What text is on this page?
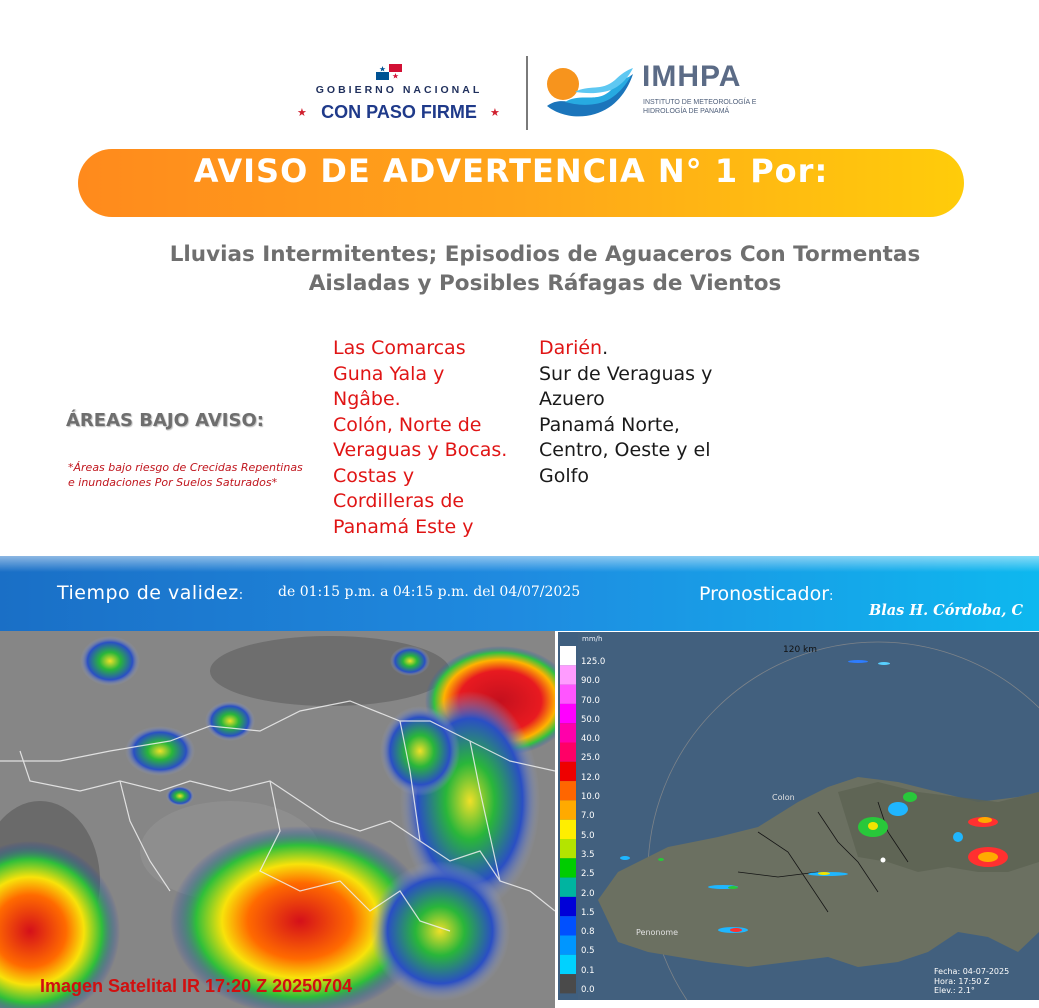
GOBIERNO NACIONAL
CON PASO FIRME
★	★
IMHPA
INSTITUTO DE METEOROLOGÍA E HIDROLOGÍA DE PANAMÁ
AVISO DE ADVERTENCIA N° 1 Por:
Lluvias Intermitentes; Episodios de Aguaceros Con Tormentas
Aisladas y Posibles Ráfagas de Vientos
ÁREAS BAJO AVISO:
*Áreas bajo riesgo de Crecidas Repentinas e inundaciones Por Suelos Saturados*
Las Comarcas
Guna Yala y
Ngâbe.
Colón, Norte de
Veraguas y Bocas.
Costas y
Cordilleras de
Panamá Este y
Darién.
Sur de Veraguas y
Azuero
Panamá Norte,
Centro, Oeste y el
Golfo
Tiempo de validez: de 01:15 p.m. a 04:15 p.m. del 04/07/2025	Pronosticador:
Blas H. Córdoba, C
Imagen Satelital IR 17:20 Z 20250704
mm/h
120 km
125.0
90.0
70.0
50.0
40.0
25.0
12.0
10.0
7.0
5.0
3.5
2.5
2.0
1.5
0.8
0.5
0.1
0.0
Colon
Penonome
Fecha: 04-07-2025
Hora: 17:50 Z
Elev.: 2.1°
